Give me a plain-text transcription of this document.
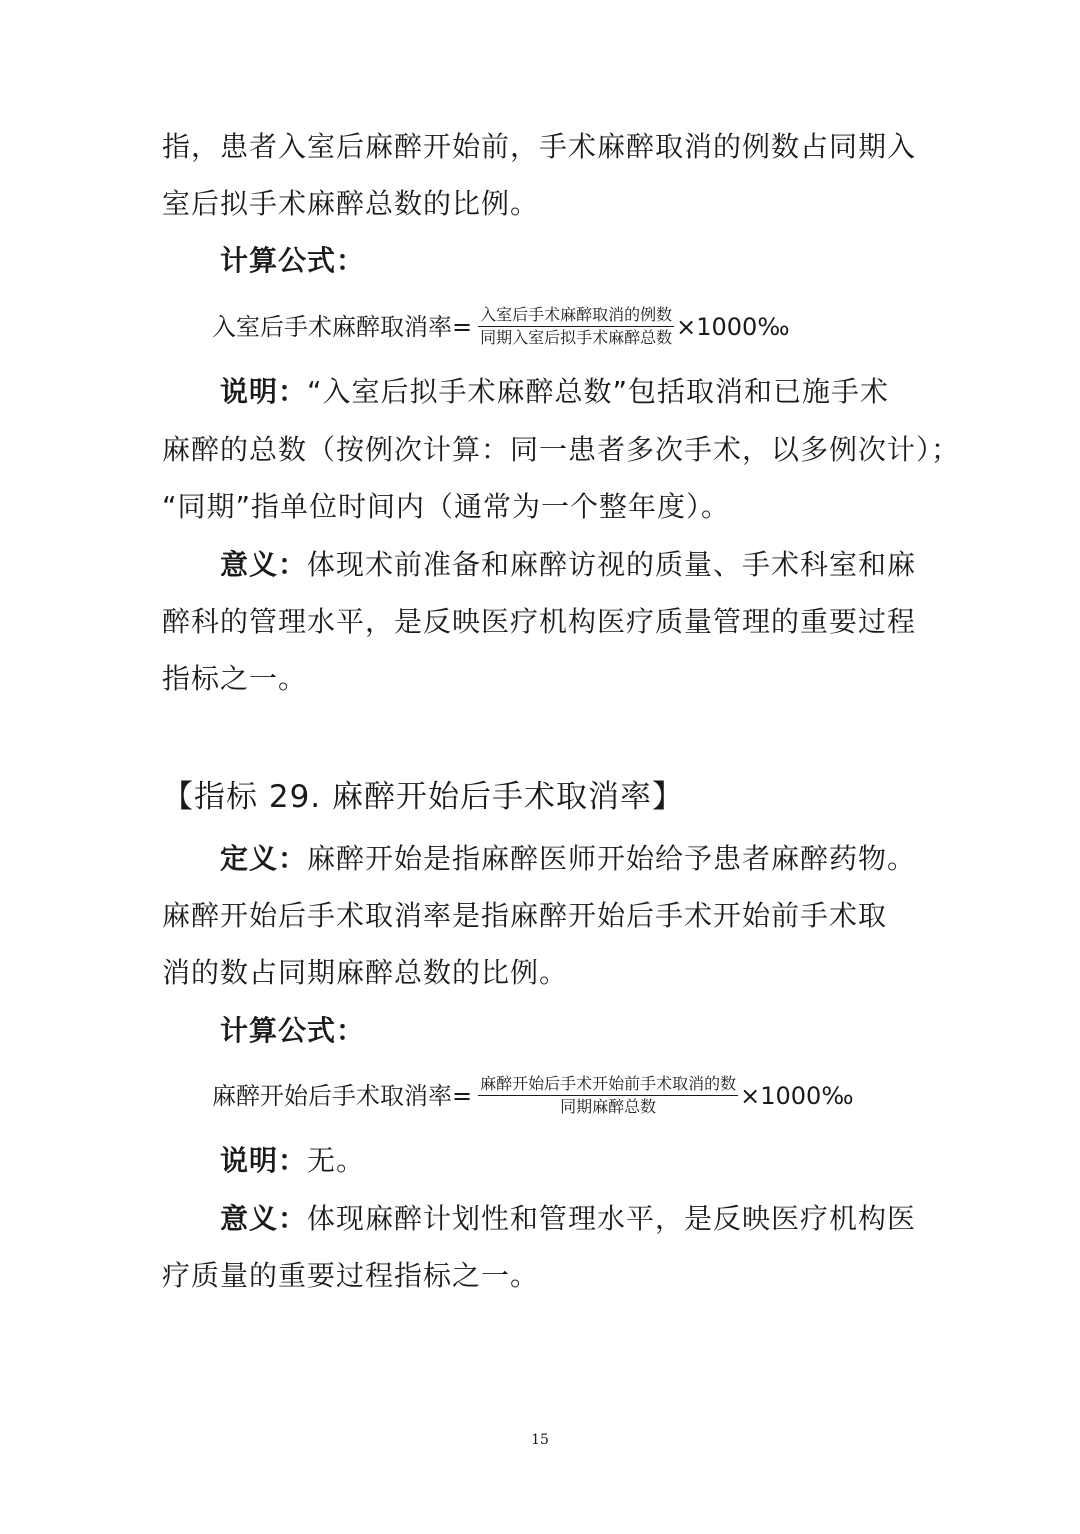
指，患者入室后麻醉开始前，手术麻醉取消的例数占同期入
室后拟手术麻醉总数的比例。
计算公式：
入室后手术麻醉取消率= $\frac{\text{入室后手术麻醉取消的例数}}{\text{同期入室后拟手术麻醉总数}}$ ×1000‰
说明：“入室后拟手术麻醉总数”包括取消和已施手术
麻醉的总数（按例次计算：同一患者多次手术，以多例次计）；
“同期”指单位时间内（通常为一个整年度）。
意义：体现术前准备和麻醉访视的质量、手术科室和麻
醉科的管理水平，是反映医疗机构医疗质量管理的重要过程
指标之一。
【指标 29. 麻醉开始后手术取消率】
定义：麻醉开始是指麻醉医师开始给予患者麻醉药物。
麻醉开始后手术取消率是指麻醉开始后手术开始前手术取
消的数占同期麻醉总数的比例。
计算公式：
麻醉开始后手术取消率= $\frac{\text{麻醉开始后手术开始前手术取消的数}}{\text{同期麻醉总数}}$ ×1000‰
说明：无。
意义：体现麻醉计划性和管理水平，是反映医疗机构医
疗质量的重要过程指标之一。
15
